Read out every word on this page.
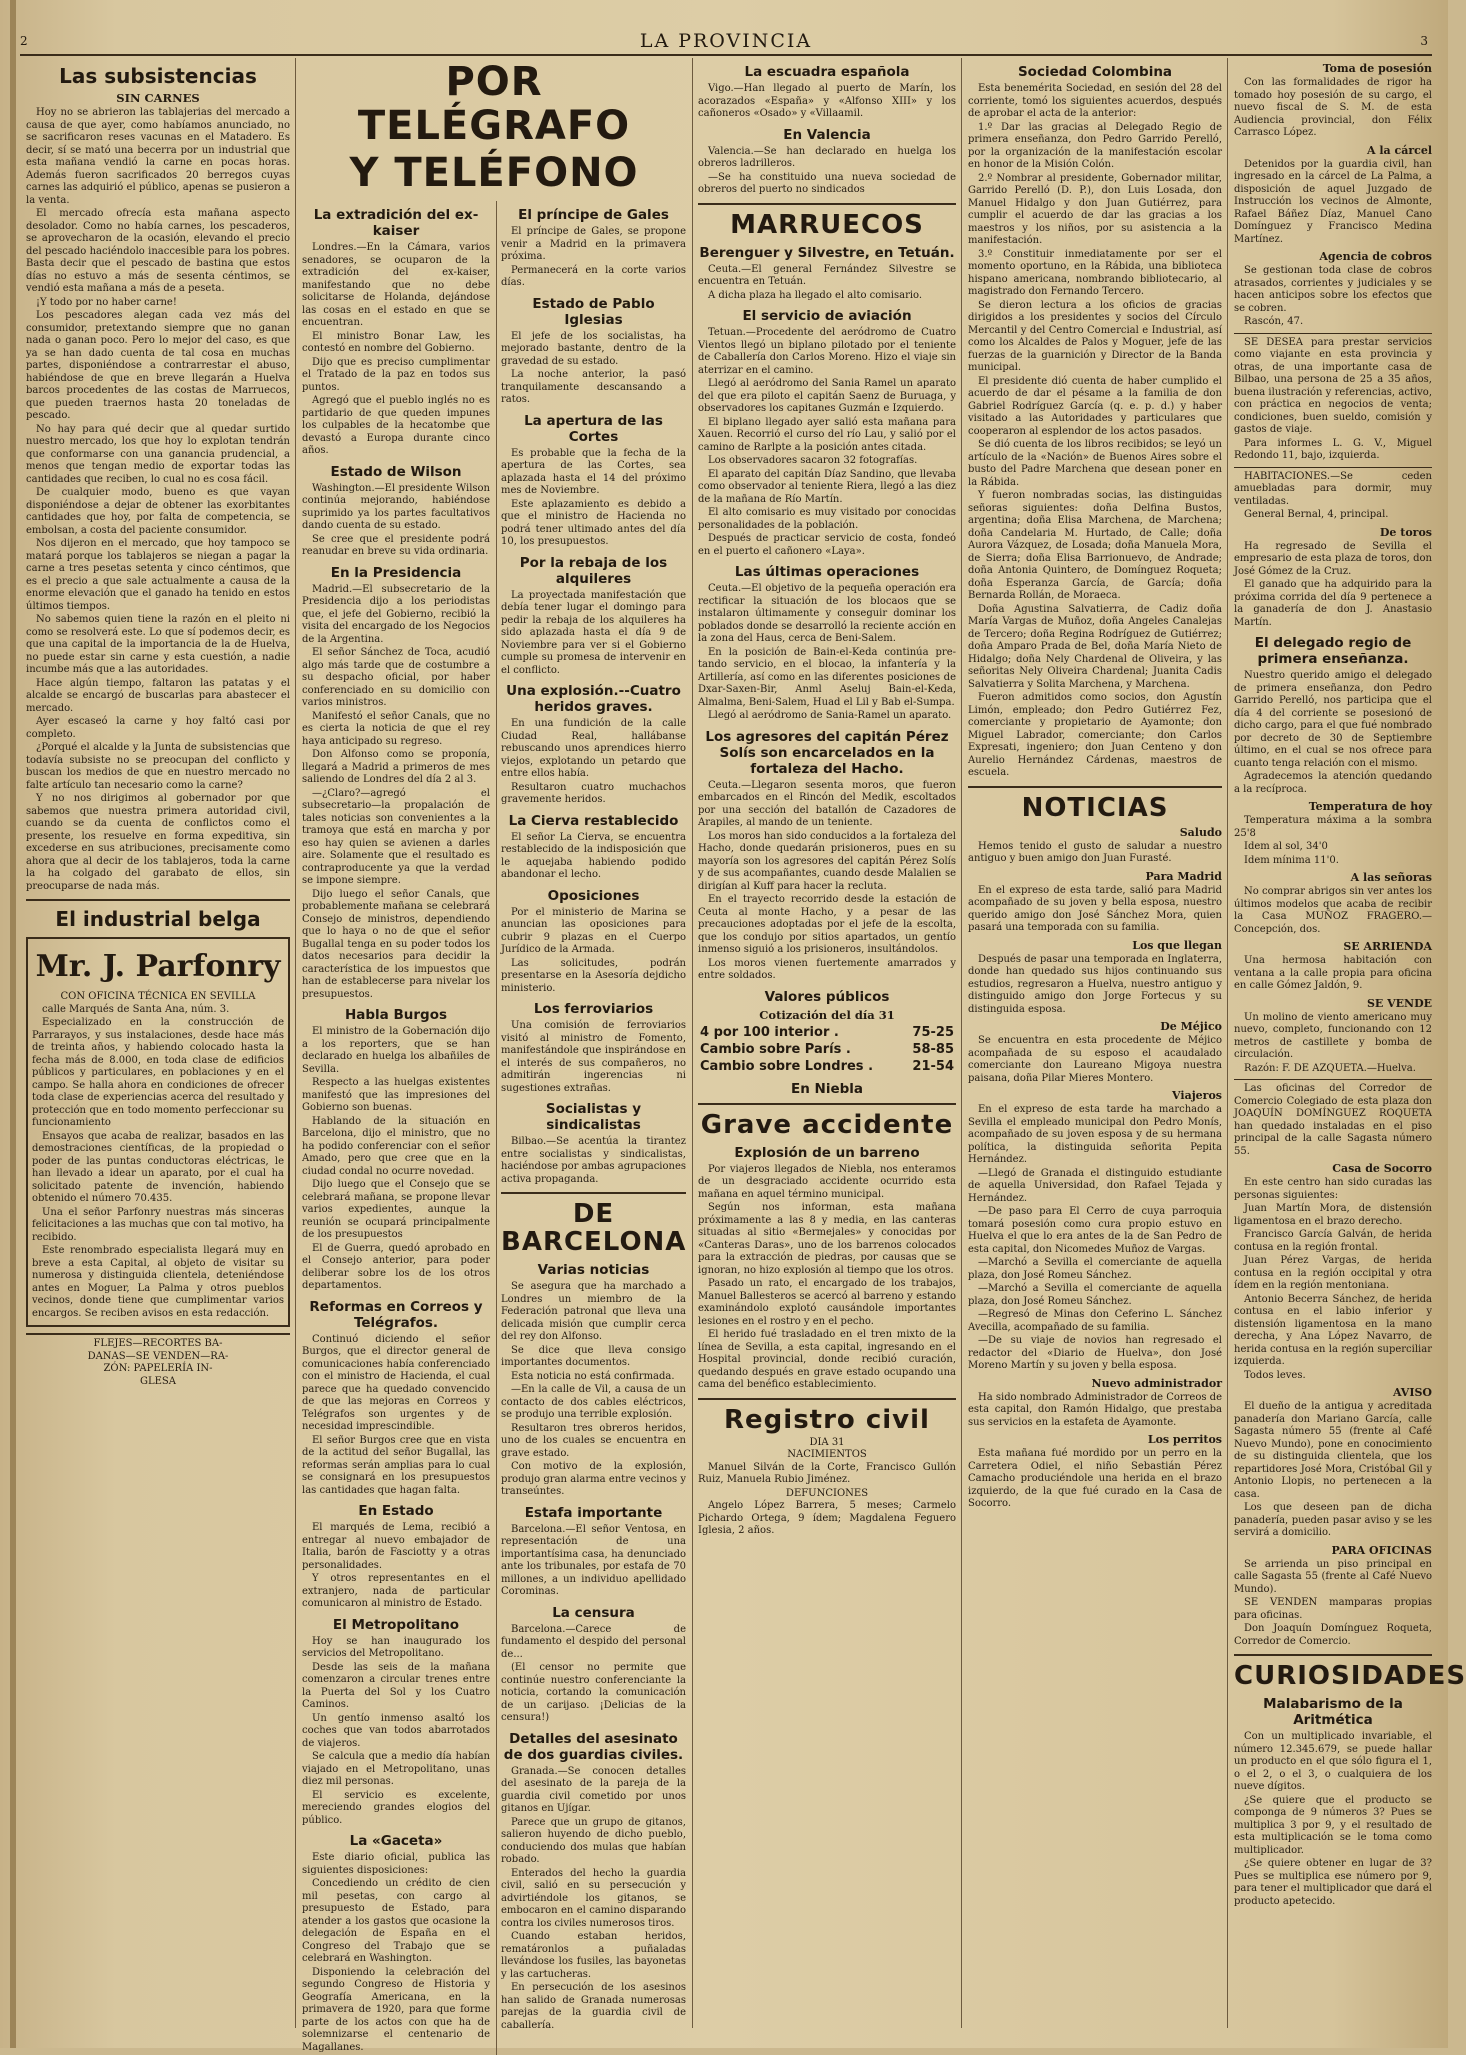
2	LA PROVINCIA	3
Las subsistencias
SIN CARNES

Hoy no se abrieron las tablajerias del mercado a causa de que ayer, como habíamos anunciado, no se sacrificaron reses vacunas en el Matadero. Es decir, sí se mató una becerra por un industrial que esta mañana vendió la carne en pocas horas. Además fueron sacrificados 20 berregos cuyas carnes las adquirió el público, apenas se pusieron a la venta.

El mercado ofrecía esta mañana aspecto desolador. Como no había carnes, los pescaderos, se aprovecharon de la ocasión, elevando el precio del pescado haciéndolo inaccesible para los pobres. Basta decir que el pescado de bastina que estos días no estuvo a más de sesenta céntimos, se vendió esta mañana a más de a peseta.

¡Y todo por no haber carne!

Los pescadores alegan cada vez más del consumidor, pretextando siempre que no ganan nada o ganan poco. Pero lo mejor del caso, es que ya se han dado cuenta de tal cosa en muchas partes, disponiéndose a contrarrestar el abuso, habiéndose de que en breve llegarán a Huelva barcos procedentes de las costas de Marruecos, que pueden traernos hasta 20 toneladas de pescado.

No hay para qué decir que al quedar surtido nuestro mercado, los que hoy lo explotan tendrán que conformarse con una ganancia prudencial, a menos que tengan medio de exportar todas las cantidades que reciben, lo cual no es cosa fácil.

De cualquier modo, bueno es que vayan disponiéndose a dejar de obtener las exorbitantes cantidades que hoy, por falta de competencia, se embolsan, a costa del paciente consumidor.

Nos dijeron en el mercado, que hoy tampoco se matará porque los tablajeros se niegan a pagar la carne a tres pesetas setenta y cinco céntimos, que es el precio a que sale actualmente a causa de la enorme elevación que el ganado ha tenido en estos últimos tiempos.

No sabemos quien tiene la razón en el pleito ni como se resolverá este. Lo que sí podemos decir, es que una capital de la importancia de la de Huelva, no puede estar sin carne y esta cuestión, a nadie incumbe más que a las autoridades.

Hace algún tiempo, faltaron las patatas y el alcalde se encargó de buscarlas para abastecer el mercado.

Ayer escaseó la carne y hoy faltó casi por completo.

¿Porqué el alcalde y la Junta de subsistencias que todavía subsiste no se preocupan del conflicto y buscan los medios de que en nuestro mercado no falte artículo tan necesario como la carne?

Y no nos dirigimos al gobernador por que sabemos que nuestra primera autoridad civil, cuando se da cuenta de conflictos como el presente, los resuelve en forma expeditiva, sin excederse en sus atribuciones, precisamente como ahora que al decir de los tablajeros, toda la carne la ha colgado del garabato de ellos, sin preocuparse de nada más.

El industrial belga
Mr. J. Parfonry

CON OFICINA TÉCNICA EN SEVILLA

calle Marqués de Santa Ana, núm. 3.

Especializado en la construcción de Parrarayos, y sus instalaciones, desde hace más de treinta años, y habiendo colocado hasta la fecha más de 8.000, en toda clase de edificios públicos y particulares, en poblaciones y en el campo. Se halla ahora en condiciones de ofrecer toda clase de experiencias acerca del resultado y protección que en todo momento perfeccionar su funcionamiento

Ensayos que acaba de realizar, basados en las demostraciones científicas, de la propiedad o poder de las puntas conductoras eléctricas, le han llevado a idear un aparato, por el cual ha solicitado patente de invención, habiendo obtenido el número 70.435.

Una el señor Parfonry nuestras más sinceras felicitaciones a las muchas que con tal motivo, ha recibido.

Este renombrado especialista llegará muy en breve a esta Capital, al objeto de visitar su numerosa y distinguida clientela, deteniéndose antes en Moguer, La Palma y otros pueblos vecinos, donde tiene que cumplimentar varios encargos. Se reciben avisos en esta redacción.

FLEJES—RECORTES BA-

DANAS—SE VENDEN—RA-

ZÓN: PAPELERÍA IN-

GLESA

POR TELÉGRAFO
Y TELÉFONO
La extradición del ex-kaiser

Londres.—En la Cámara, varios senadores, se ocuparon de la extradición del ex-kaiser, manifestando que no debe solicitarse de Holanda, dejándose las cosas en el estado en que se encuentran.

El ministro Bonar Law, les contestó en nombre del Gobierno.

Dijo que es preciso cumplimentar el Tratado de la paz en todos sus puntos.

Agregó que el pueblo inglés no es partidario de que queden impunes los culpables de la hecatombe que devastó a Europa durante cinco años.

Estado de Wilson

Washington.—El presidente Wilson continúa mejorando, habiéndose suprimido ya los partes facultativos dando cuenta de su estado.

Se cree que el presidente podrá reanudar en breve su vida ordinaria.

En la Presidencia

Madrid.—El subsecretario de la Presidencia dijo a los periodistas que, el jefe del Gobierno, recibió la visita del encargado de los Negocios de la Argentina.

El señor Sánchez de Toca, acudió algo más tarde que de costumbre a su despacho oficial, por haber conferenciado en su domicilio con varios ministros.

Manifestó el señor Canals, que no es cierta la noticia de que el rey haya anticipado su regreso.

Don Alfonso como se proponía, llegará a Madrid a primeros de mes saliendo de Londres del día 2 al 3.

—¿Claro?—agregó el subsecretario—la propalación de tales noticias son convenientes a la tramoya que está en marcha y por eso hay quien se avienen a darles aire. Solamente que el resultado es contraproducente ya que la verdad se impone siempre.

Dijo luego el señor Canals, que probablemente mañana se celebrará Consejo de ministros, dependiendo que lo haya o no de que el señor Bugallal tenga en su poder todos los datos necesarios para decidir la característica de los impuestos que han de establecerse para nivelar los presupuestos.

Habla Burgos

El ministro de la Gobernación dijo a los reporters, que se han declarado en huelga los albañiles de Sevilla.

Respecto a las huelgas existentes manifestó que las impresiones del Gobierno son buenas.

Hablando de la situación en Barcelona, dijo el ministro, que no ha podido conferenciar con el señor Amado, pero que cree que en la ciudad condal no ocurre novedad.

Dijo luego que el Consejo que se celebrará mañana, se propone llevar varios expedientes, aunque la reunión se ocupará principalmente de los presupuestos

El de Guerra, quedó aprobado en el Consejo anterior, para poder deliberar sobre los de los otros departamentos.

Reformas en Correos y Telégrafos.

Continuó diciendo el señor Burgos, que el director general de comunicaciones había conferenciado con el ministro de Hacienda, el cual parece que ha quedado convencido de que las mejoras en Correos y Telégrafos son urgentes y de necesidad imprescindible.

El señor Burgos cree que en vista de la actitud del señor Bugallal, las reformas serán amplias para lo cual se consignará en los presupuestos las cantidades que hagan falta.

En Estado

El marqués de Lema, recibió a entregar al nuevo embajador de Italia, barón de Fasciotty y a otras personalidades.

Y otros representantes en el extranjero, nada de particular comunicaron al ministro de Estado.

El Metropolitano

Hoy se han inaugurado los servicios del Metropolitano.

Desde las seis de la mañana comenzaron a circular trenes entre la Puerta del Sol y los Cuatro Caminos.

Un gentío inmenso asaltó los coches que van todos abarrotados de viajeros.

Se calcula que a medio día habían viajado en el Metropolitano, unas diez mil personas.

El servicio es excelente, mereciendo grandes elogios del público.

La «Gaceta»

Este diario oficial, publica las siguientes disposiciones:

Concediendo un crédito de cien mil pesetas, con cargo al presupuesto de Estado, para atender a los gastos que ocasione la delegación de España en el Congreso del Trabajo que se celebrará en Washington.

Disponiendo la celebración del segundo Congreso de Historia y Geografía Americana, en la primavera de 1920, para que forme parte de los actos con que ha de solemnizarse el centenario de Magallanes.

El príncipe de Gales

El príncipe de Gales, se propone venir a Madrid en la primavera próxima.

Permanecerá en la corte varios días.

Estado de Pablo Iglesias

El jefe de los socialistas, ha mejorado bastante, dentro de la gravedad de su estado.

La noche anterior, la pasó tranquilamente descansando a ratos.

La apertura de las Cortes

Es probable que la fecha de la apertura de las Cortes, sea aplazada hasta el 14 del próximo mes de Noviembre.

Este aplazamiento es debido a que el ministro de Hacienda no podrá tener ultimado antes del día 10, los presupuestos.

Por la rebaja de los alquileres

La proyectada manifestación que debía tener lugar el domingo para pedir la rebaja de los alquileres ha sido aplazada hasta el día 9 de Noviembre para ver si el Gobierno cumple su promesa de intervenir en el conflicto.

Una explosión.--Cuatro heridos graves.

En una fundición de la calle Ciudad Real, hallábanse rebuscando unos aprendices hierro viejos, explotando un petardo que entre ellos había.

Resultaron cuatro muchachos gravemente heridos.

La Cierva restablecido

El señor La Cierva, se encuentra restablecido de la indisposición que le aquejaba habiendo podido abandonar el lecho.

Oposiciones

Por el ministerio de Marina se anuncian las oposiciones para cubrir 9 plazas en el Cuerpo Jurídico de la Armada.

Las solicitudes, podrán presentarse en la Asesoría dejdicho ministerio.

Los ferroviarios

Una comisión de ferroviarios visitó al ministro de Fomento, manifestándole que inspirándose en el interés de sus compañeros, no admitirán ingerencias ni sugestiones extrañas.

Socialistas y sindicalistas

Bilbao.—Se acentúa la tirantez entre socialistas y sindicalistas, haciéndose por ambas agrupaciones activa propaganda.

DE BARCELONA
Varias noticias

Se asegura que ha marchado a Londres un miembro de la Federación patronal que lleva una delicada misión que cumplir cerca del rey don Alfonso.

Se dice que lleva consigo importantes documentos.

Esta noticia no está confirmada.

—En la calle de Vil, a causa de un contacto de dos cables eléctricos, se produjo una terrible explosión.

Resultaron tres obreros heridos, uno de los cuales se encuentra en grave estado.

Con motivo de la explosión, produjo gran alarma entre vecinos y transeúntes.

Estafa importante

Barcelona.—El señor Ventosa, en representación de una importantísima casa, ha denunciado ante los tribunales, por estafa de 70 millones, a un individuo apellidado Corominas.

La censura

Barcelona.—Carece de fundamento el despido del personal de...

(El censor no permite que continúe nuestro conferenciante la noticia, cortando la comunicación de un carijaso. ¡Delicias de la censura!)

Detalles del asesinato de dos guardias civiles.

Granada.—Se conocen detalles del asesinato de la pareja de la guardia civil cometido por unos gitanos en Ujígar.

Parece que un grupo de gitanos, salieron huyendo de dicho pueblo, conduciendo dos mulas que habían robado.

Enterados del hecho la guardia civil, salió en su persecución y advirtiéndole los gitanos, se embocaron en el camino disparando contra los civiles numerosos tiros.

Cuando estaban heridos, rematáronlos a puñaladas llevándose los fusiles, las bayonetas y las cartucheras.

En persecución de los asesinos han salido de Granada numerosas parejas de la guardia civil de caballería.

La escuadra española

Vigo.—Han llegado al puerto de Marín, los acorazados «España» y «Alfonso XIII» y los cañoneros «Osado» y «Villaamil.

En Valencia

Valencia.—Se han declarado en huelga los obreros ladrilleros.

—Se ha constituido una nueva sociedad de obreros del puerto no sindicados

MARRUECOS
Berenguer y Silvestre, en Tetuán.

Ceuta.—El general Fernández Silvestre se encuentra en Tetuán.

A dicha plaza ha llegado el alto comisario.

El servicio de aviación

Tetuan.—Procedente del aeródromo de Cuatro Vientos llegó un biplano pilotado por el teniente de Caballería don Carlos Moreno. Hizo el viaje sin aterrizar en el camino.

Llegó al aeródromo del Sania Ramel un aparato del que era piloto el capitán Saenz de Buruaga, y observadores los capitanes Guzmán e Izquierdo.

El biplano llegado ayer salió esta mañana para Xauen. Recorrió el curso del río Lau, y salió por el camino de Rarlpte a la posición antes citada.

Los observadores sacaron 32 fotografías.

El aparato del capitán Díaz Sandino, que llevaba como observador al teniente Riera, llegó a las diez de la mañana de Río Martín.

El alto comisario es muy visitado por conocidas personalidades de la población.

Después de practicar servicio de costa, fondeó en el puerto el cañonero «Laya».

Las últimas operaciones

Ceuta.—El objetivo de la pequeña operación era rectificar la situación de los blocaos que se instalaron últimamente y conseguir dominar los poblados donde se desarrolló la reciente acción en la zona del Haus, cerca de Beni-Salem.

En la posición de Bain-el-Keda continúa pre-tando servicio, en el blocao, la infantería y la Artillería, así como en las diferentes posiciones de Dxar-Saxen-Bir, Anml Aseluj Bain-el-Keda, Almalma, Beni-Salem, Huad el Lil y Bab el-Sumpa.

Llegó al aeródromo de Sania-Ramel un aparato.

Los agresores del capitán Pérez Solís son encarcelados en la fortaleza del Hacho.

Ceuta.—Llegaron sesenta moros, que fueron embarcados en el Rincón del Medik, escoltados por una sección del batallón de Cazadores de Arapiles, al mando de un teniente.

Los moros han sido conducidos a la fortaleza del Hacho, donde quedarán prisioneros, pues en su mayoría son los agresores del capitán Pérez Solís y de sus acompañantes, cuando desde Malalien se dirigían al Kuff para hacer la recluta.

En el trayecto recorrido desde la estación de Ceuta al monte Hacho, y a pesar de las precauciones adoptadas por el jefe de la escolta, que los condujo por sitios apartados, un gentío inmenso siguió a los prisioneros, insultándolos.

Los moros vienen fuertemente amarrados y entre soldados.

Valores públicos
Cotización del día 31
4 por 100 interior .	75-25
Cambio sobre París .	58-85
Cambio sobre Londres .	21-54
En Niebla
Grave accidente
Explosión de un barreno

Por viajeros llegados de Niebla, nos enteramos de un desgraciado accidente ocurrido esta mañana en aquel término municipal.

Según nos informan, esta mañana próximamente a las 8 y media, en las canteras situadas al sitio «Bermejales» y conocidas por «Canteras Daras», uno de los barrenos colocados para la extracción de piedras, por causas que se ignoran, no hizo explosión al tiempo que los otros.

Pasado un rato, el encargado de los trabajos, Manuel Ballesteros se acercó al barreno y estando examinándolo explotó causándole importantes lesiones en el rostro y en el pecho.

El herido fué trasladado en el tren mixto de la línea de Sevilla, a esta capital, ingresando en el Hospital provincial, donde recibió curación, quedando después en grave estado ocupando una cama del benéfico establecimiento.

Registro civil

DIA 31

NACIMIENTOS

Manuel Silván de la Corte, Francisco Gullón Ruiz, Manuela Rubio Jiménez.

DEFUNCIONES

Angelo López Barrera, 5 meses; Carmelo Pichardo Ortega, 9 ídem; Magdalena Feguero Iglesia, 2 años.

Sociedad Colombina

Esta benemérita Sociedad, en sesión del 28 del corriente, tomó los siguientes acuerdos, después de aprobar el acta de la anterior:

1.º Dar las gracias al Delegado Regio de primera enseñanza, don Pedro Garrido Perelló, por la organización de la manifestación escolar en honor de la Misión Colón.

2.º Nombrar al presidente, Gobernador militar, Garrido Perelló (D. P.), don Luis Losada, don Manuel Hidalgo y don Juan Gutiérrez, para cumplir el acuerdo de dar las gracias a los maestros y los niños, por su asistencia a la manifestación.

3.º Constituir inmediatamente por ser el momento oportuno, en la Rábida, una biblioteca hispano americana, nombrando bibliotecario, al magistrado don Fernando Tercero.

Se dieron lectura a los oficios de gracias dirigidos a los presidentes y socios del Círculo Mercantil y del Centro Comercial e Industrial, así como los Alcaldes de Palos y Moguer, jefe de las fuerzas de la guarnición y Director de la Banda municipal.

El presidente dió cuenta de haber cumplido el acuerdo de dar el pésame a la familia de don Gabriel Rodríguez García (q. e. p. d.) y haber visitado a las Autoridades y particulares que cooperaron al esplendor de los actos pasados.

Se dió cuenta de los libros recibidos; se leyó un artículo de la «Nación» de Buenos Aires sobre el busto del Padre Marchena que desean poner en la Rábida.

Y fueron nombradas socias, las distinguidas señoras siguientes: doña Delfina Bustos, argentina; doña Elisa Marchena, de Marchena; doña Candelaria M. Hurtado, de Calle; doña Aurora Vázquez, de Losada; doña Manuela Mora, de Sierra; doña Elisa Barrionuevo, de Andrade; doña Antonia Quintero, de Domínguez Roqueta; doña Esperanza García, de García; doña Bernarda Rollán, de Moraeca.

Doña Agustina Salvatierra, de Cadiz doña María Vargas de Muñoz, doña Angeles Canalejas de Tercero; doña Regina Rodríguez de Gutiérrez; doña Amparo Prada de Bel, doña María Nieto de Hidalgo; doña Nely Chardenal de Oliveira, y las señoritas Nely Oliveira Chardenal; Juanita Cadis Salvatierra y Solita Marchena, y Marchena.

Fueron admitidos como socios, don Agustín Limón, empleado; don Pedro Gutiérrez Fez, comerciante y propietario de Ayamonte; don Miguel Labrador, comerciante; don Carlos Expresati, ingeniero; don Juan Centeno y don Aurelio Hernández Cárdenas, maestros de escuela.

NOTICIAS
Saludo

Hemos tenido el gusto de saludar a nuestro antiguo y buen amigo don Juan Furasté.

Para Madrid

En el expreso de esta tarde, salió para Madrid acompañado de su joven y bella esposa, nuestro querido amigo don José Sánchez Mora, quien pasará una temporada con su familia.

Los que llegan

Después de pasar una temporada en Inglaterra, donde han quedado sus hijos continuando sus estudios, regresaron a Huelva, nuestro antiguo y distinguido amigo don Jorge Fortecus y su distinguida esposa.

De Méjico

Se encuentra en esta procedente de Méjico acompañada de su esposo el acaudalado comerciante don Laureano Migoya nuestra paisana, doña Pilar Mieres Montero.

Viajeros

En el expreso de esta tarde ha marchado a Sevilla el empleado municipal don Pedro Monís, acompañado de su joven esposa y de su hermana política, la distinguida señorita Pepita Hernández.

—Llegó de Granada el distinguido estudiante de aquella Universidad, don Rafael Tejada y Hernández.

—De paso para El Cerro de cuya parroquia tomará posesión como cura propio estuvo en Huelva el que lo era antes de la de San Pedro de esta capital, don Nicomedes Muñoz de Vargas.

—Marchó a Sevilla el comerciante de aquella plaza, don José Romeu Sánchez.

—Marchó a Sevilla el comerciante de aquella plaza, don José Romeu Sánchez.

—Regresó de Minas don Ceferino L. Sánchez Avecilla, acompañado de su familia.

—De su viaje de novios han regresado el redactor del «Diario de Huelva», don José Moreno Martín y su joven y bella esposa.

Nuevo administrador

Ha sido nombrado Administrador de Correos de esta capital, don Ramón Hidalgo, que prestaba sus servicios en la estafeta de Ayamonte.

Los perritos

Esta mañana fué mordido por un perro en la Carretera Odiel, el niño Sebastián Pérez Camacho produciéndole una herida en el brazo izquierdo, de la que fué curado en la Casa de Socorro.

Toma de posesión

Con las formalidades de rigor ha tomado hoy posesión de su cargo, el nuevo fiscal de S. M. de esta Audiencia provincial, don Félix Carrasco López.

A la cárcel

Detenidos por la guardia civil, han ingresado en la cárcel de La Palma, a disposición de aquel Juzgado de Instrucción los vecinos de Almonte, Rafael Báñez Díaz, Manuel Cano Domínguez y Francisco Medina Martínez.

Agencia de cobros

Se gestionan toda clase de cobros atrasados, corrientes y judiciales y se hacen anticipos sobre los efectos que se cobren.

Rascón, 47.

SE DESEA para prestar servicios como viajante en esta provincia y otras, de una importante casa de Bilbao, una persona de 25 a 35 años, buena ilustración y referencias, activo, con práctica en negocios de venta; condiciones, buen sueldo, comisión y gastos de viaje.

Para informes L. G. V., Miguel Redondo 11, bajo, izquierda.

HABITACIONES.—Se ceden amuebladas para dormir, muy ventiladas.

General Bernal, 4, principal.

De toros

Ha regresado de Sevilla el empresario de esta plaza de toros, don José Gómez de la Cruz.

El ganado que ha adquirido para la próxima corrida del día 9 pertenece a la ganadería de don J. Anastasio Martín.

El delegado regio de primera enseñanza.

Nuestro querido amigo el delegado de primera enseñanza, don Pedro Garrido Perelló, nos participa que el día 4 del corriente se posesionó de dicho cargo, para el que fué nombrado por decreto de 30 de Septiembre último, en el cual se nos ofrece para cuanto tenga relación con el mismo.

Agradecemos la atención quedando a la recíproca.

Temperatura de hoy

Temperatura máxima a la sombra 25'8

Idem al sol, 34'0

Idem mínima 11'0.

A las señoras

No comprar abrigos sin ver antes los últimos modelos que acaba de recibir la Casa MUÑOZ FRAGERO.—Concepción, dos.

SE ARRIENDA

Una hermosa habitación con ventana a la calle propia para oficina en calle Gómez Jaldón, 9.

SE VENDE

Un molino de viento americano muy nuevo, completo, funcionando con 12 metros de castillete y bomba de circulación.

Razón: F. DE AZQUETA.—Huelva.

Las oficinas del Corredor de Comercio Colegiado de esta plaza don JOAQUÍN DOMÍNGUEZ ROQUETA han quedado instaladas en el piso principal de la calle Sagasta número 55.

Casa de Socorro

En este centro han sido curadas las personas siguientes:

Juan Martín Mora, de distensión ligamentosa en el brazo derecho.

Francisco García Galván, de herida contusa en la región frontal.

Juan Pérez Vargas, de herida contusa en la región occipital y otra ídem en la región mentoniana.

Antonio Becerra Sánchez, de herida contusa en el labio inferior y distensión ligamentosa en la mano derecha, y Ana López Navarro, de herida contusa en la región superciliar izquierda.

Todos leves.

AVISO

El dueño de la antigua y acreditada panadería don Mariano García, calle Sagasta número 55 (frente al Café Nuevo Mundo), pone en conocimiento de su distinguida clientela, que los repartidores José Mora, Cristóbal Gil y Antonio Llopis, no pertenecen a la casa.

Los que deseen pan de dicha panadería, pueden pasar aviso y se les servirá a domicilio.

PARA OFICINAS

Se arrienda un piso principal en calle Sagasta 55 (frente al Café Nuevo Mundo).

SE VENDEN mamparas propias para oficinas.

Don Joaquín Domínguez Roqueta, Corredor de Comercio.

CURIOSIDADES
Malabarismo de la Aritmética

Con un multiplicado invariable, el número 12.345.679, se puede hallar un producto en el que sólo figura el 1, o el 2, o el 3, o cualquiera de los nueve dígitos.

¿Se quiere que el producto se componga de 9 números 3? Pues se multiplica 3 por 9, y el resultado de esta multiplicación se le toma como multiplicador.

¿Se quiere obtener en lugar de 3? Pues se multiplica ese número por 9, para tener el multiplicador que dará el producto apetecido.
